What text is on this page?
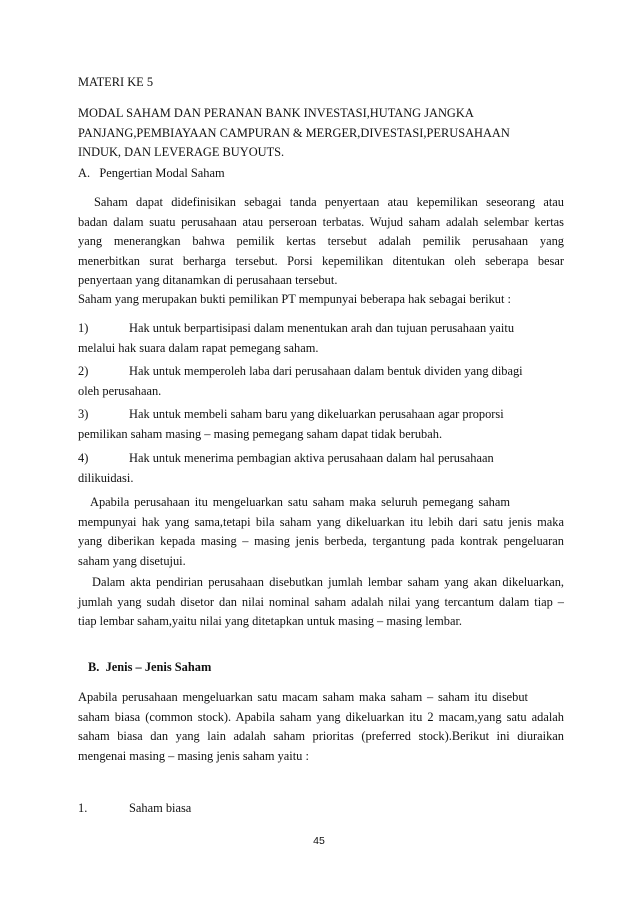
MATERI KE 5
MODAL SAHAM DAN PERANAN BANK INVESTASI,HUTANG JANGKA
PANJANG,PEMBIAYAAN CAMPURAN & MERGER,DIVESTASI,PERUSAHAAN
INDUK, DAN LEVERAGE BUYOUTS.
A. Pengertian Modal Saham
Saham dapat didefinisikan sebagai tanda penyertaan atau kepemilikan seseorang atau
badan dalam suatu perusahaan atau perseroan terbatas. Wujud saham adalah selembar kertas
yang menerangkan bahwa pemilik kertas tersebut adalah pemilik perusahaan yang
menerbitkan surat berharga tersebut. Porsi kepemilikan ditentukan oleh seberapa besar
penyertaan yang ditanamkan di perusahaan tersebut.
Saham yang merupakan bukti pemilikan PT mempunyai beberapa hak sebagai berikut :
1)	Hak untuk berpartisipasi dalam menentukan arah dan tujuan perusahaan yaitu
melalui hak suara dalam rapat pemegang saham.
2)	Hak untuk memperoleh laba dari perusahaan dalam bentuk dividen yang dibagi
oleh perusahaan.
3)	Hak untuk membeli saham baru yang dikeluarkan perusahaan agar proporsi
pemilikan saham masing – masing pemegang saham dapat tidak berubah.
4)	Hak untuk menerima pembagian aktiva perusahaan dalam hal perusahaan
dilikuidasi.
Apabila perusahaan itu mengeluarkan satu saham maka seluruh pemegang saham
mempunyai hak yang sama,tetapi bila saham yang dikeluarkan itu lebih dari satu jenis maka
yang diberikan kepada masing – masing jenis berbeda, tergantung pada kontrak pengeluaran
saham yang disetujui.
Dalam akta pendirian perusahaan disebutkan jumlah lembar saham yang akan dikeluarkan,
jumlah yang sudah disetor dan nilai nominal saham adalah nilai yang tercantum dalam tiap –
tiap lembar saham,yaitu nilai yang ditetapkan untuk masing – masing lembar.
B. Jenis – Jenis Saham
Apabila perusahaan mengeluarkan satu macam saham maka saham – saham itu disebut
saham biasa (common stock). Apabila saham yang dikeluarkan itu 2 macam,yang satu adalah
saham biasa dan yang lain adalah saham prioritas (preferred stock).Berikut ini diuraikan
mengenai masing – masing jenis saham yaitu :
1.	Saham biasa
45
